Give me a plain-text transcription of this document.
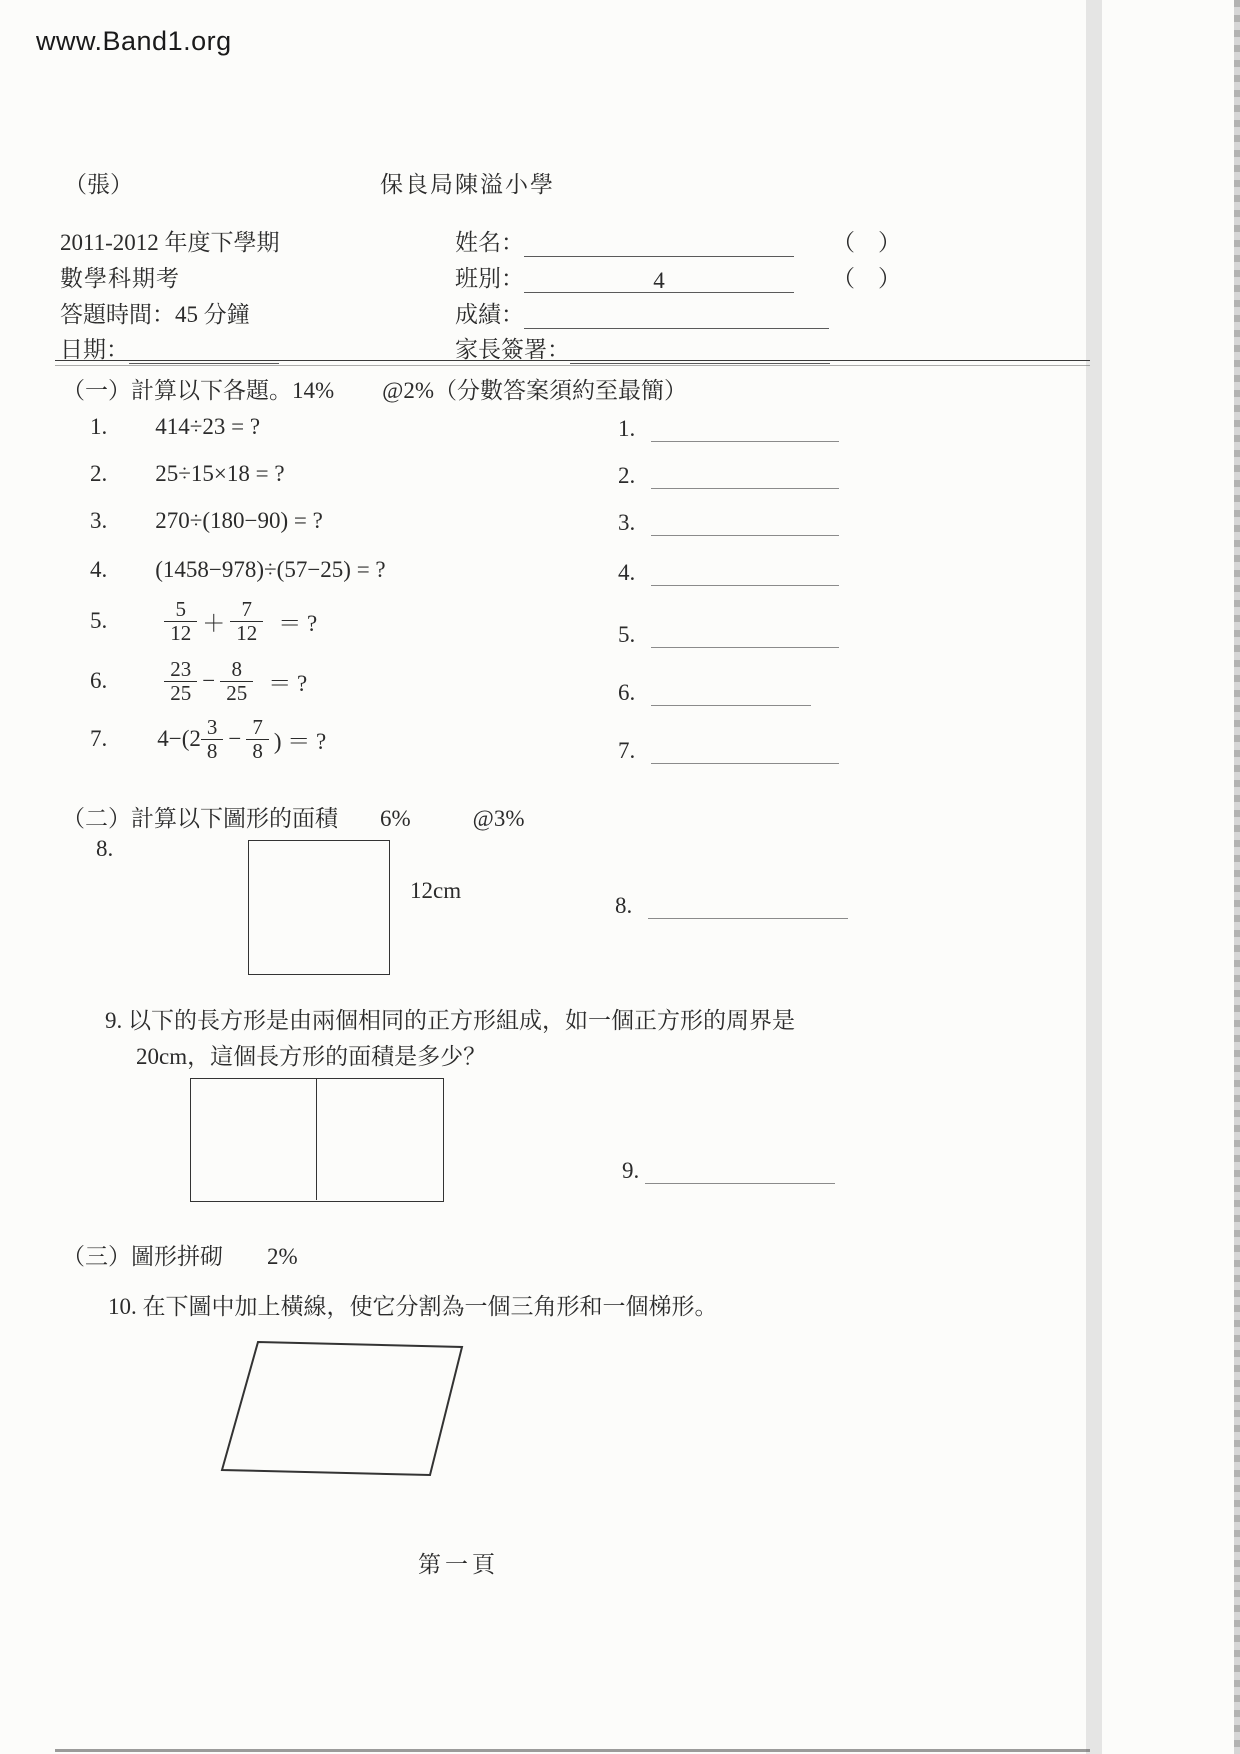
www.Band1.org
（張）	保良局陳溢小學
2011-2012 年度下學期
數學科期考
答題時間：45 分鐘
日期：
姓名：	（　）
班別：	4	（　）
成績：
家長簽署：
（一）計算以下各題。14% @2%（分數答案須約至最簡）
1. 414÷23 = ?
2. 25÷15×18 = ?
3. 270÷(180−90) = ?
4. (1458−978)÷(57−25) = ?
5.	$\frac{5}{12} + \frac{7}{12}$ ＝ ?
6.	$\frac{23}{25} - \frac{8}{25}$ ＝ ?
7. $4-(2 \frac{3}{8} - \frac{7}{8}$ ) ＝ ?
1.
2.
3.
4.
5.
6.
7.
（二）計算以下圖形的面積 6%	@3%
8.
12cm
8.
9. 以下的長方形是由兩個相同的正方形組成，如一個正方形的周界是
20cm，這個長方形的面積是多少？
9.
（三）圖形拼砌 2%
10. 在下圖中加上橫線，使它分割為一個三角形和一個梯形。
第一頁
